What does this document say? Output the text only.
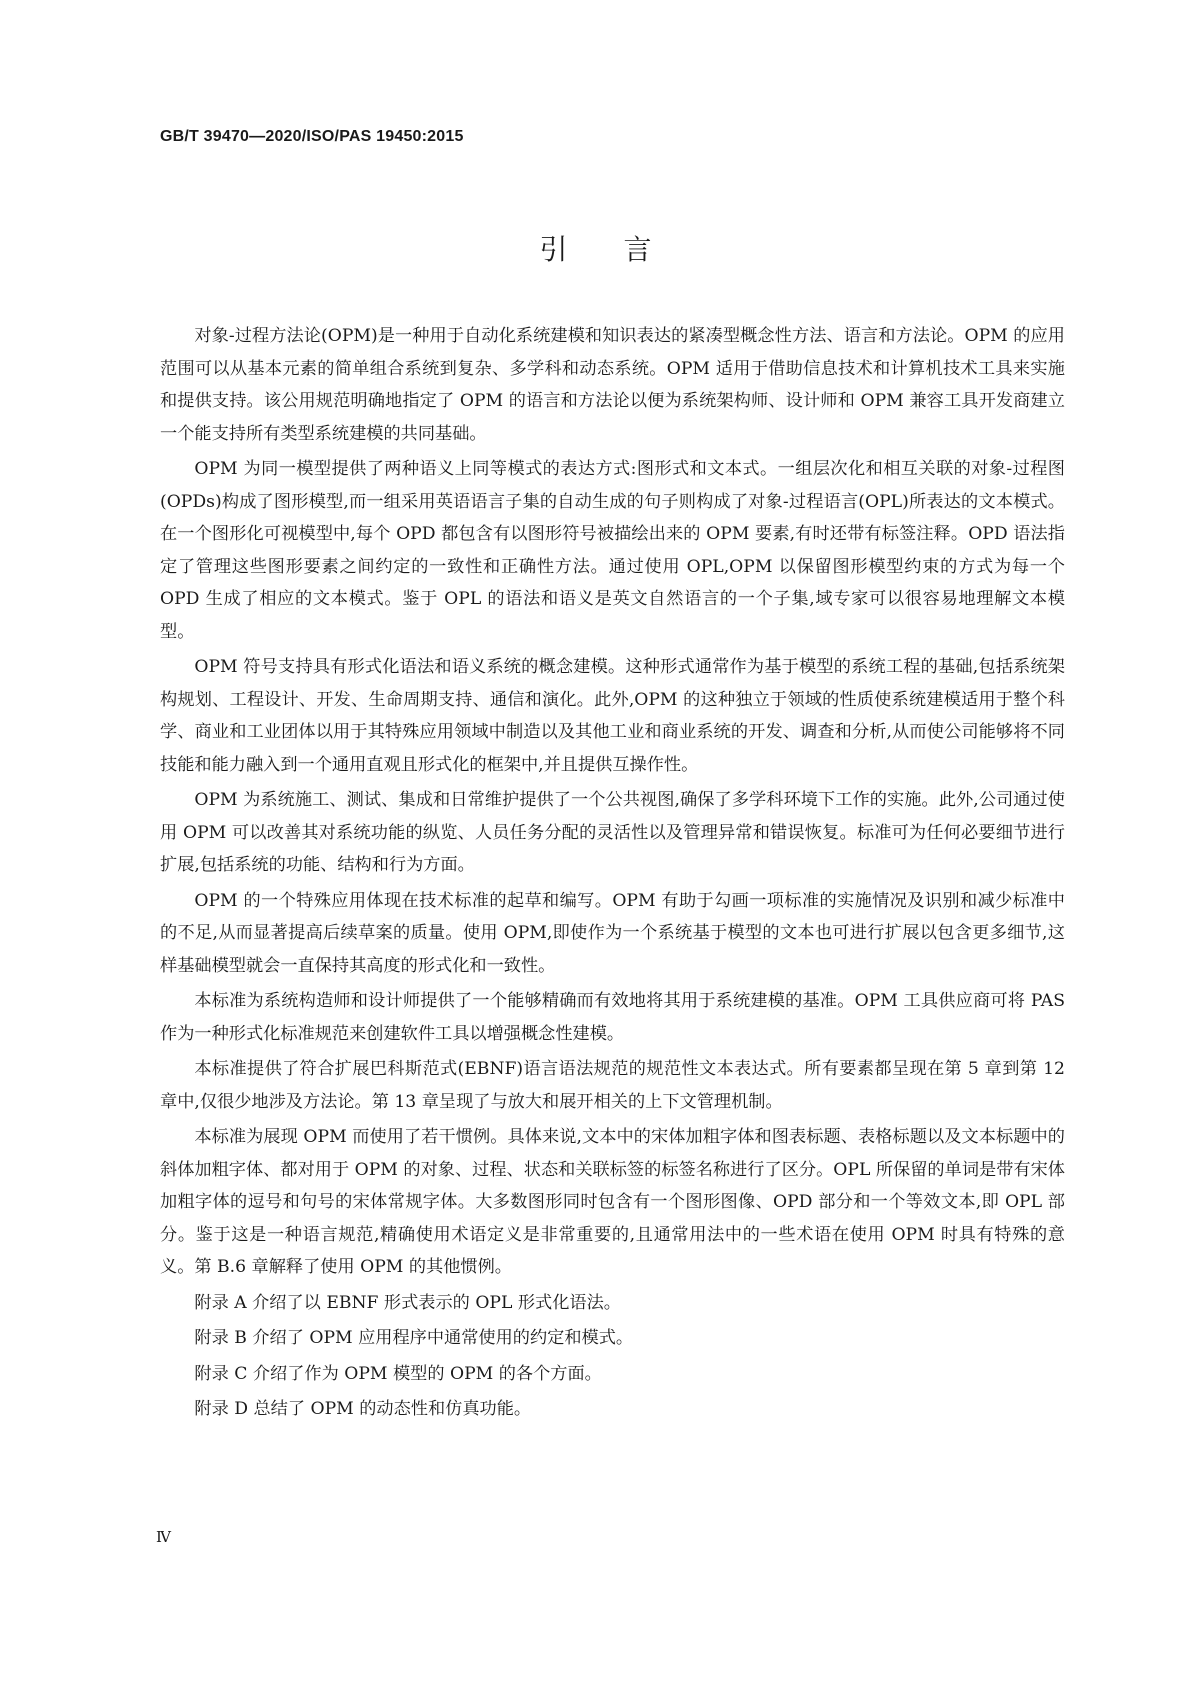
GB/T 39470—2020/ISO/PAS 19450:2015
引言

对象-过程方法论(OPM)是一种用于自动化系统建模和知识表达的紧凑型概念性方法、语言和方法论。OPM 的应用范围可以从基本元素的简单组合系统到复杂、多学科和动态系统。OPM 适用于借助信息技术和计算机技术工具来实施和提供支持。该公用规范明确地指定了 OPM 的语言和方法论以便为系统架构师、设计师和 OPM 兼容工具开发商建立一个能支持所有类型系统建模的共同基础。

OPM 为同一模型提供了两种语义上同等模式的表达方式:图形式和文本式。一组层次化和相互关联的对象-过程图(OPDs)构成了图形模型,而一组采用英语语言子集的自动生成的句子则构成了对象-过程语言(OPL)所表达的文本模式。在一个图形化可视模型中,每个 OPD 都包含有以图形符号被描绘出来的 OPM 要素,有时还带有标签注释。OPD 语法指定了管理这些图形要素之间约定的一致性和正确性方法。通过使用 OPL,OPM 以保留图形模型约束的方式为每一个 OPD 生成了相应的文本模式。鉴于 OPL 的语法和语义是英文自然语言的一个子集,域专家可以很容易地理解文本模型。

OPM 符号支持具有形式化语法和语义系统的概念建模。这种形式通常作为基于模型的系统工程的基础,包括系统架构规划、工程设计、开发、生命周期支持、通信和演化。此外,OPM 的这种独立于领域的性质使系统建模适用于整个科学、商业和工业团体以用于其特殊应用领域中制造以及其他工业和商业系统的开发、调查和分析,从而使公司能够将不同技能和能力融入到一个通用直观且形式化的框架中,并且提供互操作性。

OPM 为系统施工、测试、集成和日常维护提供了一个公共视图,确保了多学科环境下工作的实施。此外,公司通过使用 OPM 可以改善其对系统功能的纵览、人员任务分配的灵活性以及管理异常和错误恢复。标准可为任何必要细节进行扩展,包括系统的功能、结构和行为方面。

OPM 的一个特殊应用体现在技术标准的起草和编写。OPM 有助于勾画一项标准的实施情况及识别和减少标准中的不足,从而显著提高后续草案的质量。使用 OPM,即使作为一个系统基于模型的文本也可进行扩展以包含更多细节,这样基础模型就会一直保持其高度的形式化和一致性。

本标准为系统构造师和设计师提供了一个能够精确而有效地将其用于系统建模的基准。OPM 工具供应商可将 PAS 作为一种形式化标准规范来创建软件工具以增强概念性建模。

本标准提供了符合扩展巴科斯范式(EBNF)语言语法规范的规范性文本表达式。所有要素都呈现在第 5 章到第 12 章中,仅很少地涉及方法论。第 13 章呈现了与放大和展开相关的上下文管理机制。

本标准为展现 OPM 而使用了若干惯例。具体来说,文本中的宋体加粗字体和图表标题、表格标题以及文本标题中的斜体加粗字体、都对用于 OPM 的对象、过程、状态和关联标签的标签名称进行了区分。OPL 所保留的单词是带有宋体加粗字体的逗号和句号的宋体常规字体。大多数图形同时包含有一个图形图像、OPD 部分和一个等效文本,即 OPL 部分。鉴于这是一种语言规范,精确使用术语定义是非常重要的,且通常用法中的一些术语在使用 OPM 时具有特殊的意义。第 B.6 章解释了使用 OPM 的其他惯例。

附录 A 介绍了以 EBNF 形式表示的 OPL 形式化语法。

附录 B 介绍了 OPM 应用程序中通常使用的约定和模式。

附录 C 介绍了作为 OPM 模型的 OPM 的各个方面。

附录 D 总结了 OPM 的动态性和仿真功能。

Ⅳ
